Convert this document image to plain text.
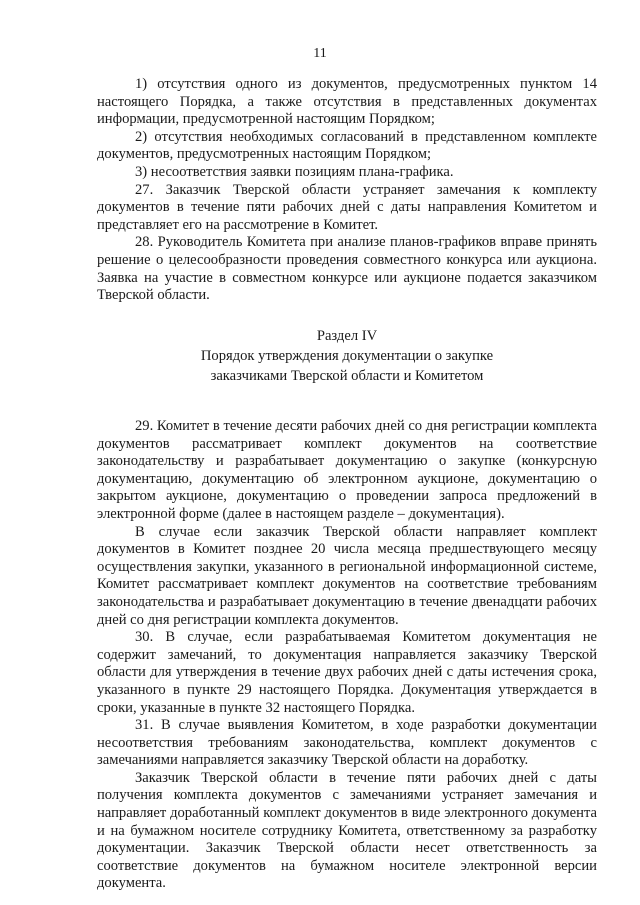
11

1) отсутствия одного из документов, предусмотренных пунктом 14 настоящего Порядка, а также отсутствия в представленных документах информации, предусмотренной настоящим Порядком;

2) отсутствия необходимых согласований в представленном комплекте документов, предусмотренных настоящим Порядком;

3) несоответствия заявки позициям плана-графика.

27. Заказчик Тверской области устраняет замечания к комплекту документов в течение пяти рабочих дней с даты направления Комитетом и представляет его на рассмотрение в Комитет.

28. Руководитель Комитета при анализе планов-графиков вправе принять решение о целесообразности проведения совместного конкурса или аукциона. Заявка на участие в совместном конкурсе или аукционе подается заказчиком Тверской области.

Раздел IV
Порядок утверждения документации о закупке
заказчиками Тверской области и Комитетом

29. Комитет в течение десяти рабочих дней со дня регистрации комплекта документов рассматривает комплект документов на соответствие законодательству и разрабатывает документацию о закупке (конкурсную документацию, документацию об электронном аукционе, документацию о закрытом аукционе, документацию о проведении запроса предложений в электронной форме (далее в настоящем разделе – документация).

В случае если заказчик Тверской области направляет комплект документов в Комитет позднее 20 числа месяца предшествующего месяцу осуществления закупки, указанного в региональной информационной системе, Комитет рассматривает комплект документов на соответствие требованиям законодательства и разрабатывает документацию в течение двенадцати рабочих дней со дня регистрации комплекта документов.

30. В случае, если разрабатываемая Комитетом документация не содержит замечаний, то документация направляется заказчику Тверской области для утверждения в течение двух рабочих дней с даты истечения срока, указанного в пункте 29 настоящего Порядка. Документация утверждается в сроки, указанные в пункте 32 настоящего Порядка.

31. В случае выявления Комитетом, в ходе разработки документации несоответствия требованиям законодательства, комплект документов с замечаниями направляется заказчику Тверской области на доработку.

Заказчик Тверской области в течение пяти рабочих дней с даты получения комплекта документов с замечаниями устраняет замечания и направляет доработанный комплект документов в виде электронного документа и на бумажном носителе сотруднику Комитета, ответственному за разработку документации. Заказчик Тверской области несет ответственность за соответствие документов на бумажном носителе электронной версии документа.
